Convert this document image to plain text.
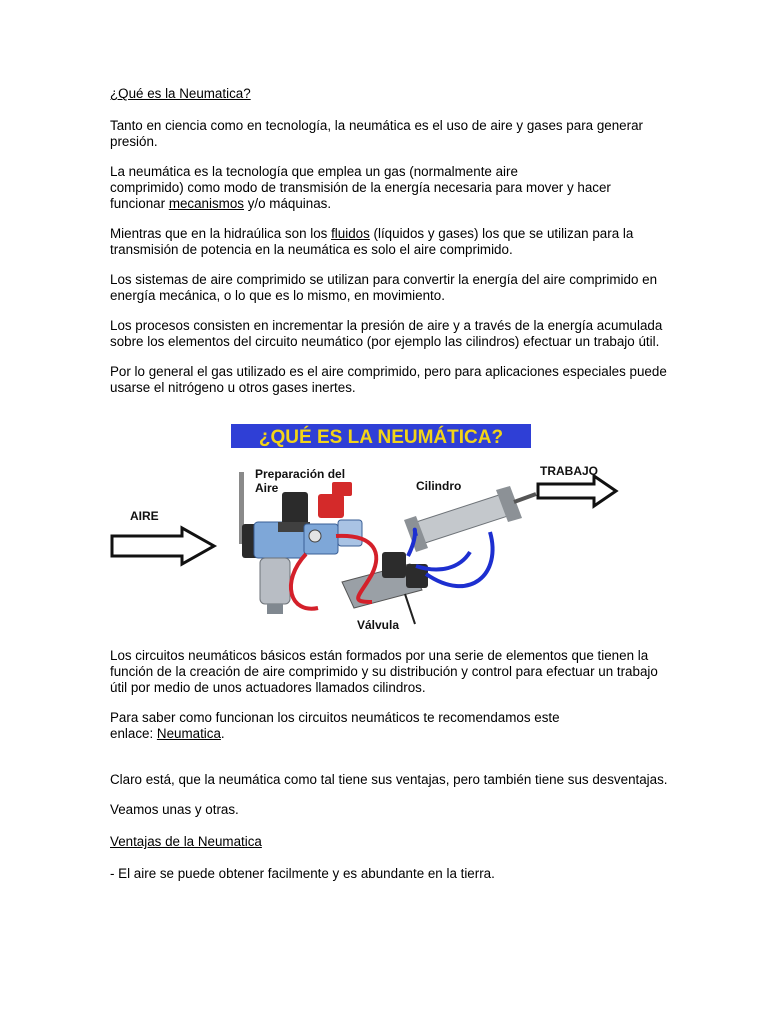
¿Qué es la Neumatica?

Tanto en ciencia como en tecnología, la neumática es el uso de aire y gases para generar presión.

La neumática es la tecnología que emplea un gas (normalmente aire
comprimido) como modo de transmisión de la energía necesaria para mover y hacer
funcionar mecanismos y/o máquinas.

Mientras que en la hidraúlica son los fluidos (líquidos y gases) los que se utilizan para la transmisión de potencia en la neumática es solo el aire comprimido.

Los sistemas de aire comprimido se utilizan para convertir la energía del aire comprimido en energía mecánica, o lo que es lo mismo, en movimiento.

Los procesos consisten en incrementar la presión de aire y a través de la energía acumulada sobre los elementos del circuito neumático (por ejemplo las cilindros) efectuar un trabajo útil.

Por lo general el gas utilizado es el aire comprimido, pero para aplicaciones especiales puede usarse el nitrógeno u otros gases inertes.

¿QUÉ ES LA NEUMÁTICA?
AIRE
TRABAJO
Preparación del
Aire	Cilindro
Válvula

Los circuitos neumáticos básicos están formados por una serie de elementos que tienen la función de la creación de aire comprimido y su distribución y control para efectuar un trabajo útil por medio de unos actuadores llamados cilindros.

Para saber como funcionan los circuitos neumáticos te recomendamos este
enlace: Neumatica.

Claro está, que la neumática como tal tiene sus ventajas, pero también tiene sus desventajas.

Veamos unas y otras.

Ventajas de la Neumatica

- El aire se puede obtener facilmente y es abundante en la tierra.
